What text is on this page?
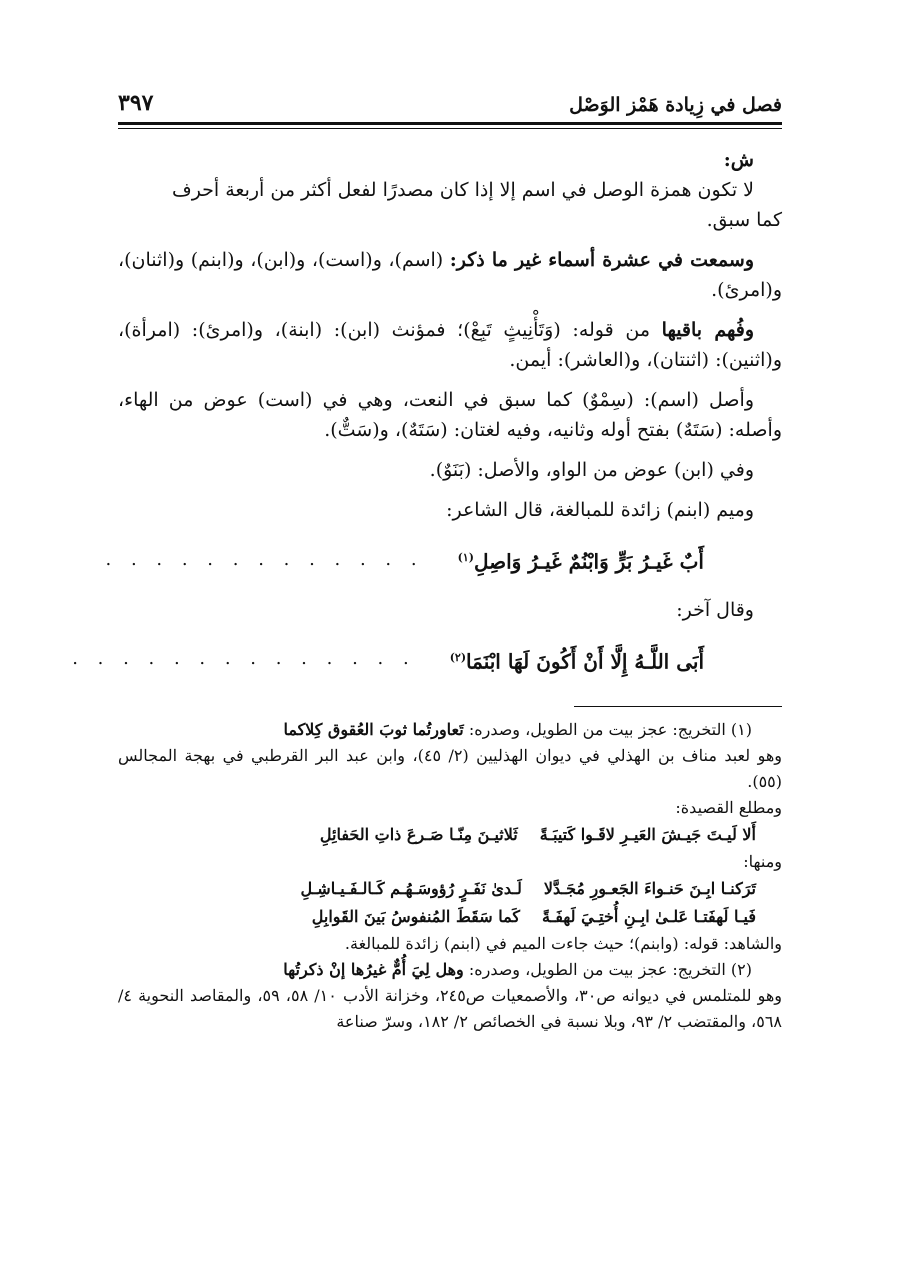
فصل في زِيادة هَمْز الوَصْل
٣٩٧

ش:

لا تكون همزة الوصل في اسم إلا إذا كان مصدرًا لفعل أكثر من أربعة أحرف
كما سبق.

وسمعت في عشرة أسماء غير ما ذكر: (اسم)، و(است)، و(ابن)، و(ابنم) و(اثنان)، و(امرئ).

وفُهم باقيها من قوله: (وَتَأْنِيثٍ تَبِعْ)؛ فمؤنث (ابن): (ابنة)، و(امرئ): (امرأة)، و(اثنين): (اثنتان)، و(العاشر): أيمن.

وأصل (اسم): (سِمْوٌ) كما سبق في النعت، وهي في (است) عوض من الهاء، وأصله: (سَتَهٌ) بفتح أوله وثانيه، وفيه لغتان: (سَتَهٌ)، و(سَتٌّ).

وفي (ابن) عوض من الواو، والأصل: (بَنَوٌ).

وميم (ابنم) زائدة للمبالغة، قال الشاعر:

أَبٌ غَيـرُ بَرٍّ وَابْنُمٌ غَيـرُ وَاصِلِ$^{(١)}$
. . . . . . . . . . . . .

وقال آخر:

أَبَى اللَّـهُ إِلَّا أَنْ أَكُونَ لَهَا ابْنَمَا$^{(٢)}$
. . . . . . . . . . . . . .

(١) التخريج: عجز بيت من الطويل، وصدره: تَعاورتُما ثوبَ العُقوق كِلاكما

وهو لعبد مناف بن الهذلي في ديوان الهذليين (٢/ ٤٥)، وابن عبد البر القرطبي في بهجة المجالس (٥٥).

ومطلع القصيدة:

أَلا لَيـتَ جَيـشَ العَيـرِ لاقَـوا كَتيبَـةً
ثَلاثيـنَ مِنّـا صَـرعَ ذاتِ الحَفائِلِ

ومنها:

تَرَكنـا ابِـنَ حَنـواءَ الجَعـورِ مُجَـدَّلا
لَـدىٰ نَفَـرٍ رُؤوسَـهُـم كَـالـفَـيـاشِـلِ
فَيـا لَهفَتـا عَلـىٰ ابِـنِ أُختِـيَ لَهفَـةً
كَما سَقَطَ المُنفوسُ بَينَ القَوابِلِ

والشاهد: قوله: (وابنم)؛ حيث جاءت الميم في (ابنم) زائدة للمبالغة.

(٢) التخريج: عجز بيت من الطويل، وصدره: وهل لِيَ أُمٌّ غيرُها إنْ ذكرتُها

وهو للمتلمس في ديوانه ص٣٠، والأصمعيات ص٢٤٥، وخزانة الأدب ١٠/ ٥٨، ٥٩، والمقاصد النحوية ٤/ ٥٦٨، والمقتضب ٢/ ٩٣، وبلا نسبة في الخصائص ٢/ ١٨٢، وسرّ صناعة
